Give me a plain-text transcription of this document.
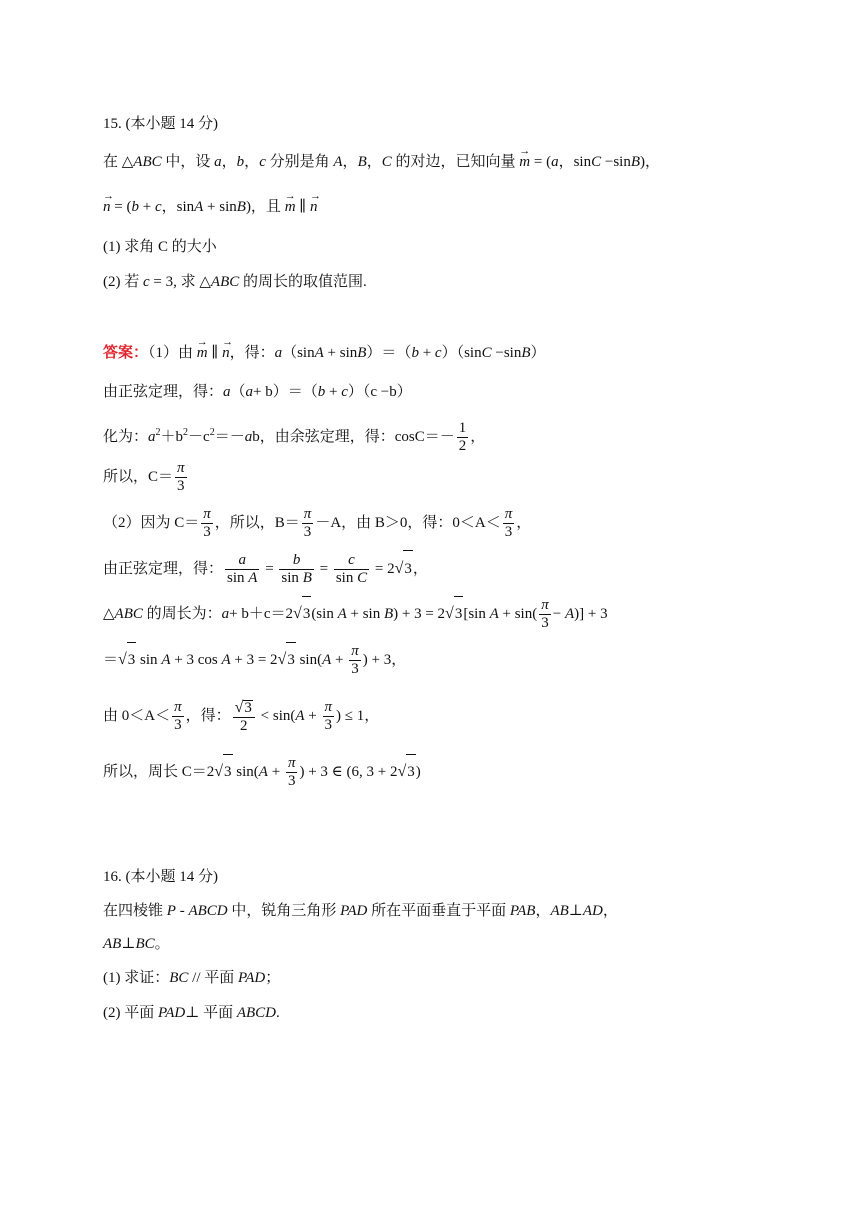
15. (本小题 14 分)
在 △ABC 中，设 a，b，c 分别是角 A，B，C 的对边，已知向量 → m = (a，sinC −sinB)，
→ n = (b + c，sinA + sinB)，且 → m ∥ → n
(1) 求角 C 的大小
(2) 若 c = 3, 求 △ABC 的周长的取值范围.
答案：（1）由 → m ∥ → n，得：a（sinA + sinB）＝（b + c）（sinC −sinB）
由正弦定理，得：a（a+ b）＝（b + c）（c −b）
化为：$a^2+b^2-c^2=-ab$，由余弦定理，得：$\cos C=- \frac{1}{2}$ ，
所以，$C= \frac{\pi}{3}$
（2）因为 $C= \frac{\pi}{3}$ ，所以，$B= \frac{\pi}{3} -A$，由 B＞0，得：$0<A< \frac{\pi}{3}$ ，
由正弦定理，得： $\frac{a}{\text{sin A}} = \frac{b}{\text{sin B}} = \frac{c}{\text{sin C}} = 2√3$，
△ABC 的周长为：a+ b＋c＝2√3(sin A + sin B) + 3 = 2√3[sin $A + \sin( \frac{\pi}{3} - A)] + 3$
＝√3 sin A + 3 cos A + 3 = 2√3 $\sin(A + \frac{\pi}{3}$ ) + 3，
由 $0<A< \frac{\pi}{3}$ ，得： $\frac{√3}{2} < \sin(A + \frac{\pi}{3}$ ) ≤ 1，
所以，周长 C＝2√3 $\sin(A + \frac{\pi}{3}$ ) + 3 ∈ (6, 3 + 2√3)
16. (本小题 14 分)
在四棱锥 P - ABCD 中，锐角三角形 PAD 所在平面垂直于平面 PAB，AB⊥AD，
AB⊥BC。
(1) 求证：BC // 平面 PAD；
(2) 平面 PAD⊥ 平面 ABCD.
